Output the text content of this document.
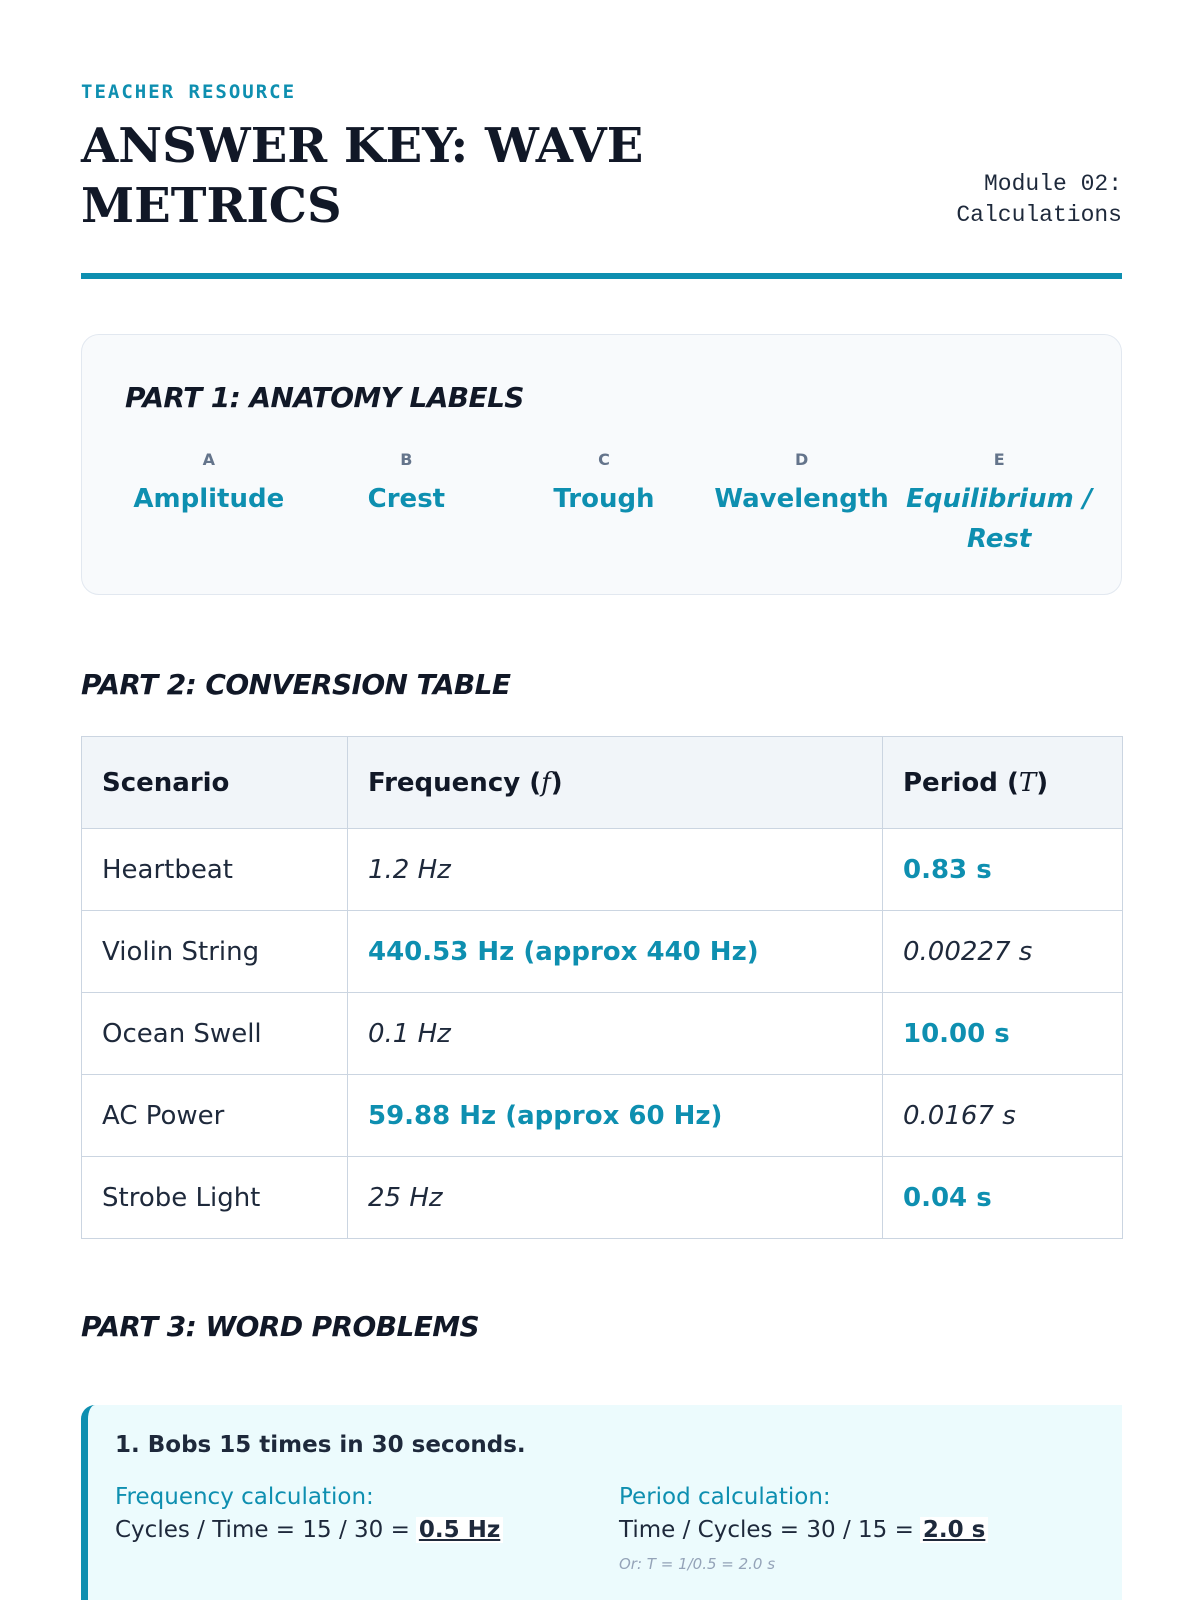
TEACHER RESOURCE
ANSWER KEY: WAVE METRICS	Module 02:
Calculations
PART 1: ANATOMY LABELS
A
Amplitude
B
Crest
C
Trough
D
Wavelength
E
Equilibrium / Rest
PART 2: CONVERSION TABLE
Scenario	Frequency (f)	Period (T)
Heartbeat	1.2 Hz	0.83 s
Violin String	440.53 Hz (approx 440 Hz)	0.00227 s
Ocean Swell	0.1 Hz	10.00 s
AC Power	59.88 Hz (approx 60 Hz)	0.0167 s
Strobe Light	25 Hz	0.04 s
PART 3: WORD PROBLEMS
1. Bobs 15 times in 30 seconds.
Frequency calculation:
Cycles / Time = 15 / 30 = 0.5 Hz
Period calculation:
Time / Cycles = 30 / 15 = 2.0 s
Or: T = 1/0.5 = 2.0 s
